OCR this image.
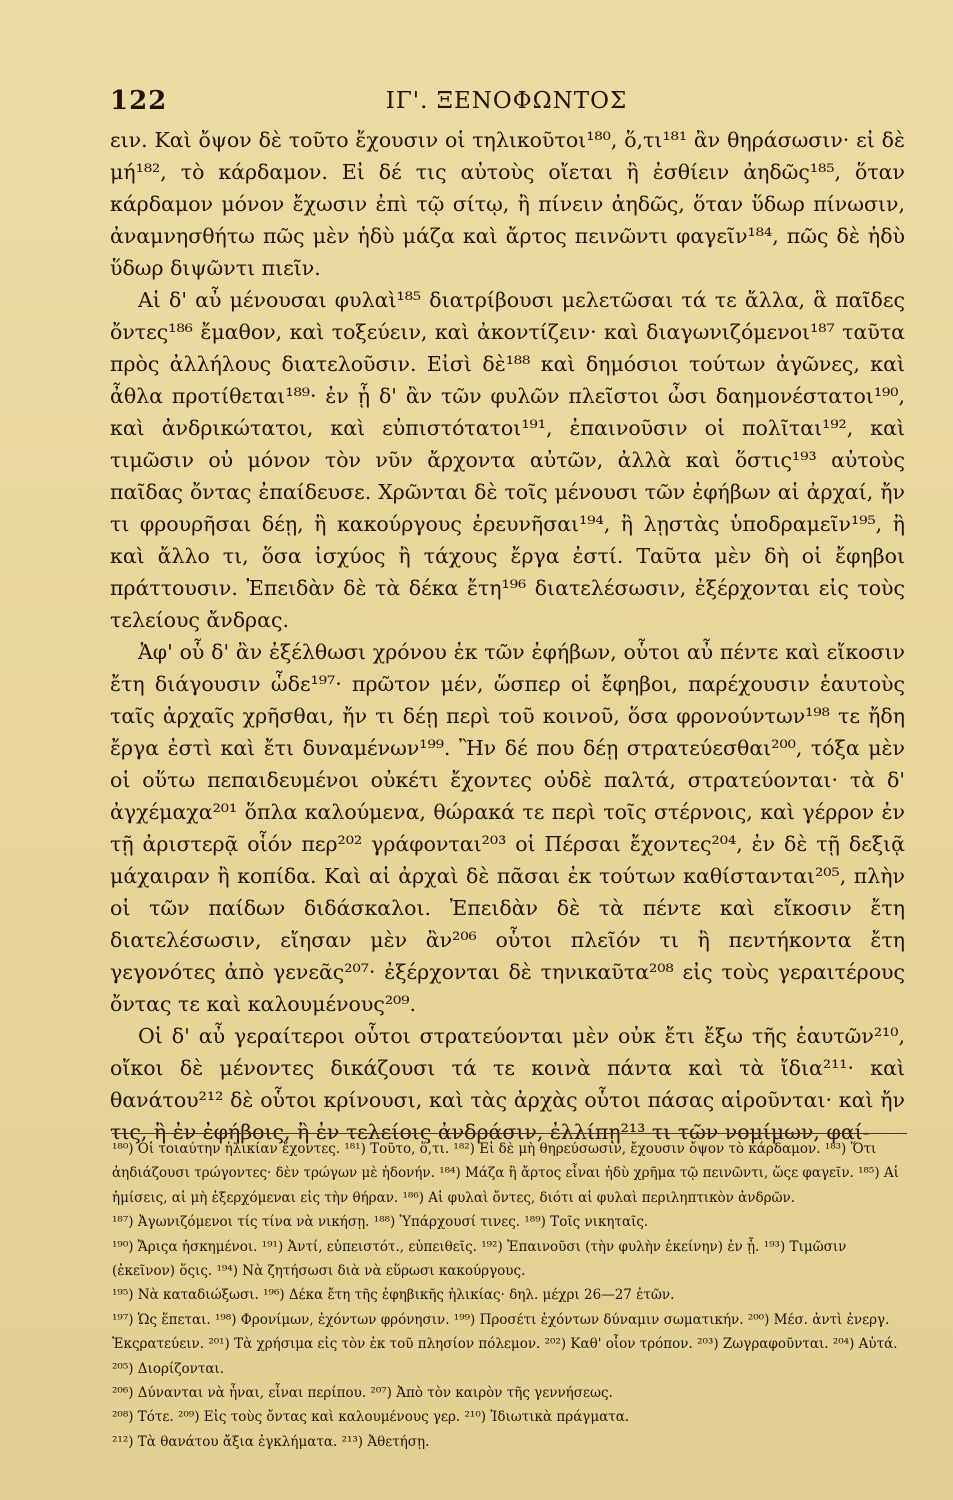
122	ΙΓ'. ΞΕΝΟΦΩΝΤΟΣ

ειν. Καὶ ὄψον δὲ τοῦτο ἔχουσιν οἱ τηλικοῦτοι¹⁸⁰, ὅ,τι¹⁸¹ ἂν θηράσωσιν· εἰ δὲ μή¹⁸², τὸ κάρδαμον. Εἰ δέ τις αὐτοὺς οἴεται ἢ ἐσθίειν ἀηδῶς¹⁸⁵, ὅταν κάρδαμον μόνον ἔχωσιν ἐπὶ τῷ σίτῳ, ἢ πίνειν ἀηδῶς, ὅταν ὕδωρ πίνωσιν, ἀναμνησθήτω πῶς μὲν ἡδὺ μάζα καὶ ἄρτος πεινῶντι φαγεῖν¹⁸⁴, πῶς δὲ ἡδὺ ὕδωρ διψῶντι πιεῖν.

Αἱ δ' αὖ μένουσαι φυλαὶ¹⁸⁵ διατρίβουσι μελετῶσαι τά τε ἄλλα, ἃ παῖδες ὄντες¹⁸⁶ ἔμαθον, καὶ τοξεύειν, καὶ ἀκοντίζειν· καὶ διαγωνιζόμενοι¹⁸⁷ ταῦτα πρὸς ἀλλήλους διατελοῦσιν. Εἰσὶ δὲ¹⁸⁸ καὶ δημόσιοι τούτων ἀγῶνες, καὶ ἆθλα προτίθεται¹⁸⁹· ἐν ᾗ δ' ἂν τῶν φυλῶν πλεῖστοι ὦσι δαημονέστατοι¹⁹⁰, καὶ ἀνδρικώτατοι, καὶ εὐπιστότατοι¹⁹¹, ἐπαινοῦσιν οἱ πολῖται¹⁹², καὶ τιμῶσιν οὐ μόνον τὸν νῦν ἄρχοντα αὐτῶν, ἀλλὰ καὶ ὅστις¹⁹³ αὐτοὺς παῖδας ὄντας ἐπαίδευσε. Χρῶνται δὲ τοῖς μένουσι τῶν ἐφήβων αἱ ἀρχαί, ἤν τι φρουρῆσαι δέῃ, ἢ κακούργους ἐρευνῆσαι¹⁹⁴, ἢ λῃστὰς ὑποδραμεῖν¹⁹⁵, ἢ καὶ ἄλλο τι, ὅσα ἰσχύος ἢ τάχους ἔργα ἐστί. Ταῦτα μὲν δὴ οἱ ἔφηβοι πράττουσιν. Ἐπειδὰν δὲ τὰ δέκα ἔτη¹⁹⁶ διατελέσωσιν, ἐξέρχονται εἰς τοὺς τελείους ἄνδρας.

Ἀφ' οὗ δ' ἂν ἐξέλθωσι χρόνου ἐκ τῶν ἐφήβων, οὗτοι αὖ πέντε καὶ εἴκοσιν ἔτη διάγουσιν ὧδε¹⁹⁷· πρῶτον μέν, ὥσπερ οἱ ἔφηβοι, παρέχουσιν ἑαυτοὺς ταῖς ἀρχαῖς χρῆσθαι, ἤν τι δέῃ περὶ τοῦ κοινοῦ, ὅσα φρονούντων¹⁹⁸ τε ἤδη ἔργα ἐστὶ καὶ ἔτι δυναμένων¹⁹⁹. Ἢν δέ που δέῃ στρατεύεσθαι²⁰⁰, τόξα μὲν οἱ οὕτω πεπαιδευμένοι οὐκέτι ἔχοντες οὐδὲ παλτά, στρατεύονται· τὰ δ' ἀγχέμαχα²⁰¹ ὅπλα καλούμενα, θώρακά τε περὶ τοῖς στέρνοις, καὶ γέρρον ἐν τῇ ἀριστερᾷ οἷόν περ²⁰² γράφονται²⁰³ οἱ Πέρσαι ἔχοντες²⁰⁴, ἐν δὲ τῇ δεξιᾷ μάχαιραν ἢ κοπίδα. Καὶ αἱ ἀρχαὶ δὲ πᾶσαι ἐκ τούτων καθίστανται²⁰⁵, πλὴν οἱ τῶν παίδων διδάσκαλοι. Ἐπειδὰν δὲ τὰ πέντε καὶ εἴκοσιν ἔτη διατελέσωσιν, εἴησαν μὲν ἂν²⁰⁶ οὗτοι πλεῖόν τι ἢ πεντήκοντα ἔτη γεγονότες ἀπὸ γενεᾶς²⁰⁷· ἐξέρχονται δὲ τηνικαῦτα²⁰⁸ εἰς τοὺς γεραιτέρους ὄντας τε καὶ καλουμένους²⁰⁹.

Οἱ δ' αὖ γεραίτεροι οὗτοι στρατεύονται μὲν οὐκ ἔτι ἔξω τῆς ἑαυτῶν²¹⁰, οἴκοι δὲ μένοντες δικάζουσι τά τε κοινὰ πάντα καὶ τὰ ἴδια²¹¹· καὶ θανάτου²¹² δὲ οὗτοι κρίνουσι, καὶ τὰς ἀρχὰς οὗτοι πάσας αἱροῦνται· καὶ ἤν τις, ἢ ἐν ἐφήβοις, ἢ ἐν τελείοις ἀνδράσιν, ἐλλίπῃ²¹³ τι τῶν νομίμων, φαί-

¹⁸⁰) Οἱ τοιαύτην ἡλικίαν ἔχοντες. ¹⁸¹) Τοῦτο, ὅ,τι. ¹⁸²) Εἰ δὲ μὴ θηρεύσωσιν, ἔχουσιν ὄψον τὸ κάρδαμον. ¹⁸³) Ὅτι ἀηδιάζουσι τρώγοντες· δὲν τρώγων μὲ ἡδονήν. ¹⁸⁴) Μάζα ἢ ἄρτος εἶναι ἡδὺ χρῆμα τῷ πεινῶντι, ὥςε φαγεῖν. ¹⁸⁵) Αἱ ἡμίσεις, αἱ μὴ ἐξερχόμεναι εἰς τὴν θήραν. ¹⁸⁶) Αἱ φυλαὶ ὄντες, διότι αἱ φυλαὶ περιληπτικὸν ἀνδρῶν.

¹⁸⁷) Ἀγωνιζόμενοι τίς τίνα νὰ νικήσῃ. ¹⁸⁸) Ὑπάρχουσί τινες. ¹⁸⁹) Τοῖς νικηταῖς.

¹⁹⁰) Ἄριςα ἠσκημένοι. ¹⁹¹) Ἀντί, εὐπειστότ., εὐπειθεῖς. ¹⁹²) Ἐπαινοῦσι (τὴν φυλὴν ἐκείνην) ἐν ᾗ. ¹⁹³) Τιμῶσιν (ἐκεῖνον) ὅςις. ¹⁹⁴) Νὰ ζητήσωσι διὰ νὰ εὕρωσι κακούργους.

¹⁹⁵) Νὰ καταδιώξωσι. ¹⁹⁶) Δέκα ἔτη τῆς ἐφηβικῆς ἡλικίας· δηλ. μέχρι 26—27 ἐτῶν.

¹⁹⁷) Ὡς ἕπεται. ¹⁹⁸) Φρονίμων, ἐχόντων φρόνησιν. ¹⁹⁹) Προσέτι ἐχόντων δύναμιν σωματικήν. ²⁰⁰) Μέσ. ἀντὶ ἐνεργ. Ἐκςρατεύειν. ²⁰¹) Τὰ χρήσιμα εἰς τὸν ἐκ τοῦ πλησίον πόλεμον. ²⁰²) Καθ' οἷον τρόπον. ²⁰³) Ζωγραφοῦνται. ²⁰⁴) Αὐτά. ²⁰⁵) Διορίζονται.

²⁰⁶) Δύνανται νὰ ἦναι, εἶναι περίπου. ²⁰⁷) Ἀπὸ τὸν καιρὸν τῆς γεννήσεως.

²⁰⁸) Τότε. ²⁰⁹) Εἰς τοὺς ὄντας καὶ καλουμένους γερ. ²¹⁰) Ἰδιωτικὰ πράγματα.

²¹²) Τὰ θανάτου ἄξια ἐγκλήματα. ²¹³) Ἀθετήσῃ.
